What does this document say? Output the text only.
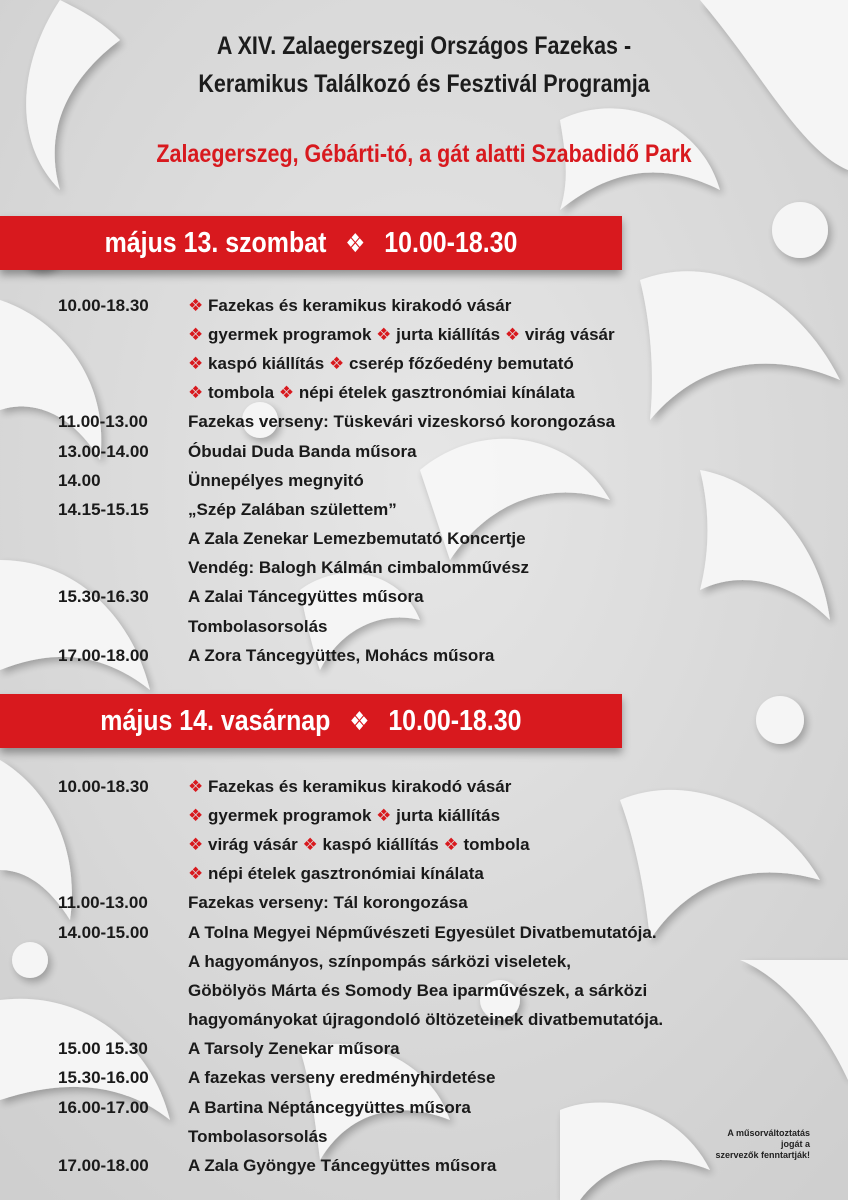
A XIV. Zalaegerszegi Országos Fazekas -
Keramikus Találkozó és Fesztivál Programja
Zalaegerszeg, Gébárti-tó, a gát alatti Szabadidő Park
május 13. szombat ❖ 10.00-18.30
10.00-18.30	❖ Fazekas és keramikus kirakodó vásár
❖ gyermek programok ❖ jurta kiállítás ❖ virág vásár
❖ kaspó kiállítás ❖ cserép főzőedény bemutató
❖ tombola ❖ népi ételek gasztronómiai kínálata
11.00-13.00	Fazekas verseny: Tüskevári vizeskorsó korongozása
13.00-14.00	Óbudai Duda Banda műsora
14.00	Ünnepélyes megnyitó
14.15-15.15	„Szép Zalában születtem”
A Zala Zenekar Lemezbemutató Koncertje
Vendég: Balogh Kálmán cimbalomművész
15.30-16.30	A Zalai Táncegyüttes műsora
Tombolasorsolás
17.00-18.00	A Zora Táncegyüttes, Mohács műsora
május 14. vasárnap ❖ 10.00-18.30
10.00-18.30	❖ Fazekas és keramikus kirakodó vásár
❖ gyermek programok ❖ jurta kiállítás
❖ virág vásár ❖ kaspó kiállítás ❖ tombola
❖ népi ételek gasztronómiai kínálata
11.00-13.00	Fazekas verseny: Tál korongozása
14.00-15.00	A Tolna Megyei Népművészeti Egyesület Divatbemutatója.
A hagyományos, színpompás sárközi viseletek,
Göbölyös Márta és Somody Bea iparművészek, a sárközi
hagyományokat újragondoló öltözeteinek divatbemutatója.
15.00 15.30	A Tarsoly Zenekar műsora
15.30-16.00	A fazekas verseny eredményhirdetése
16.00-17.00	A Bartina Néptáncegyüttes műsora
Tombolasorsolás
17.00-18.00	A Zala Gyöngye Táncegyüttes műsora
A műsorváltoztatás
jogát a
szervezők fenntartják!
